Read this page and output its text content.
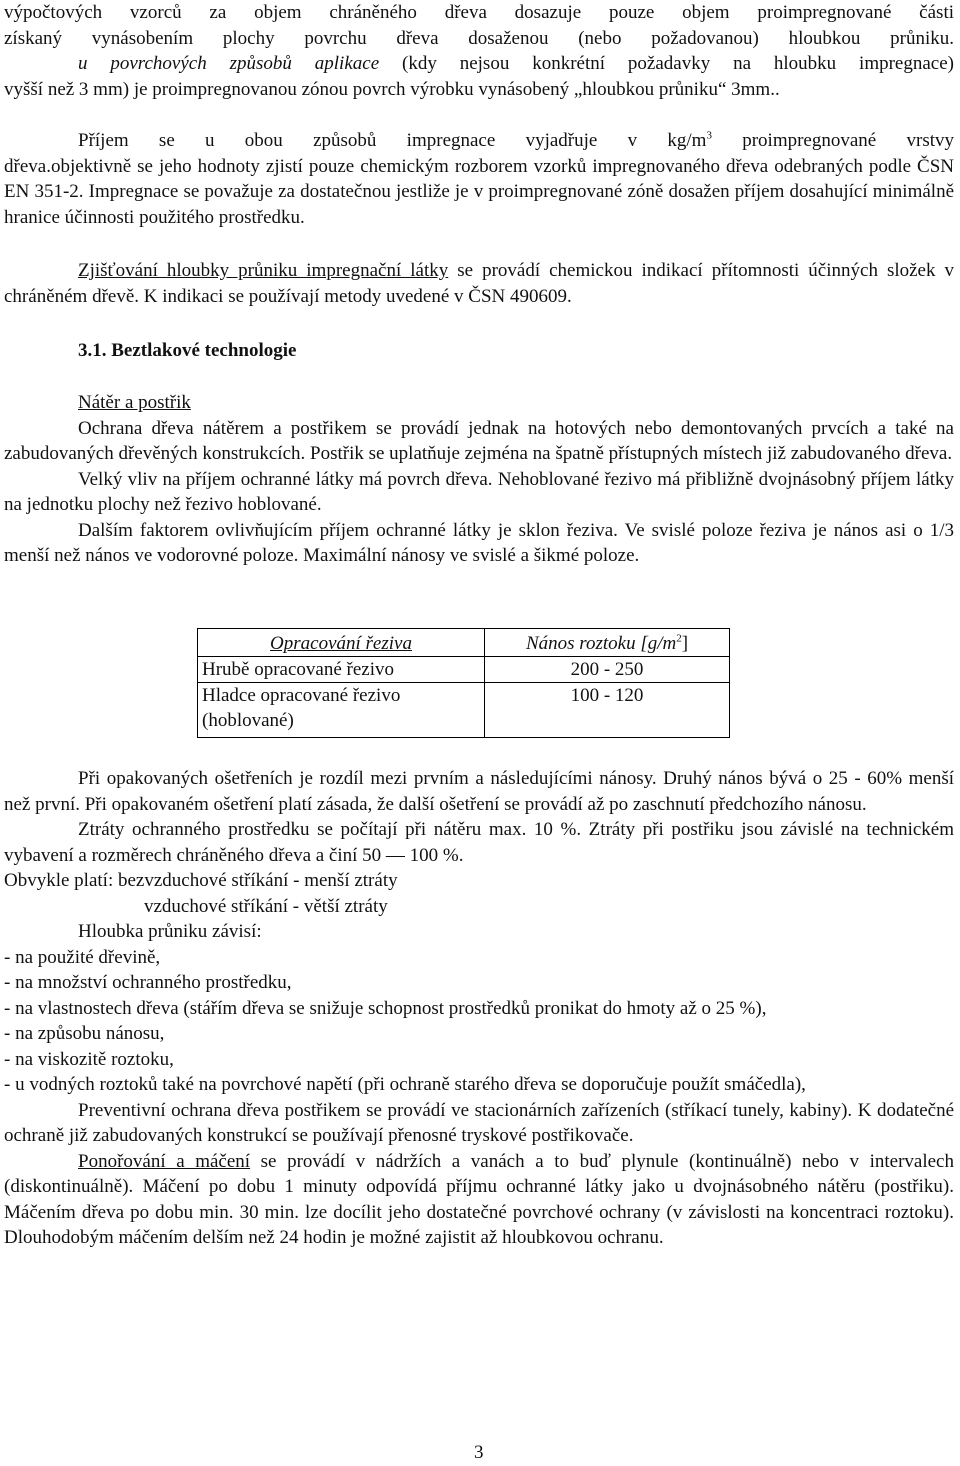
výpočtových vzorců za objem chráněného dřeva dosazuje pouze objem proimpregnované části

získaný vynásobením plochy povrchu dřeva dosaženou (nebo požadovanou) hloubkou průniku.

u povrchových způsobů aplikace (kdy nejsou konkrétní požadavky na hloubku impregnace)

vyšší než 3 mm) je proimpregnovanou zónou povrch výrobku vynásobený „hloubkou průniku“ 3mm..

Příjem se u obou způsobů impregnace vyjadřuje v $kg/m^3$ proimpregnované vrstvy

dřeva.objektivně se jeho hodnoty zjistí pouze chemickým rozborem vzorků impregnovaného dřeva odebraných podle ČSN EN 351-2. Impregnace se považuje za dostatečnou jestliže je v proimpregnované zóně dosažen příjem dosahující minimálně hranice účinnosti použitého prostředku.

Zjišťování hloubky průniku impregnační látky se provádí chemickou indikací přítomnosti účinných složek v chráněném dřevě. K indikaci se používají metody uvedené v ČSN 490609.

3.1. Beztlakové technologie

Nátěr a postřik

Ochrana dřeva nátěrem a postřikem se provádí jednak na hotových nebo demontovaných prvcích a také na zabudovaných dřevěných konstrukcích. Postřik se uplatňuje zejména na špatně přístupných místech již zabudovaného dřeva.

Velký vliv na příjem ochranné látky má povrch dřeva. Nehoblované řezivo má přibližně dvojnásobný příjem látky na jednotku plochy než řezivo hoblované.

Dalším faktorem ovlivňujícím příjem ochranné látky je sklon řeziva. Ve svislé poloze řeziva je nános asi o 1/3 menší než nános ve vodorovné poloze. Maximální nánosy ve svislé a šikmé poloze.

Opracování řeziva	Nános roztoku $[g/m^2]$
Hrubě opracované řezivo	200 - 250
Hladce opracované řezivo (hoblované)	100 - 120

Při opakovaných ošetřeních je rozdíl mezi prvním a následujícími nánosy. Druhý nános bývá o 25 - 60% menší než první. Při opakovaném ošetření platí zásada, že další ošetření se provádí až po zaschnutí předchozího nánosu.

Ztráty ochranného prostředku se počítají při nátěru max. 10 %. Ztráty při postřiku jsou závislé na technickém vybavení a rozměrech chráněného dřeva a činí 50 — 100 %.

Obvykle platí: bezvzduchové stříkání - menší ztráty

vzduchové stříkání - větší ztráty

Hloubka průniku závisí:

- na použité dřevině,

- na množství ochranného prostředku,

- na vlastnostech dřeva (stářím dřeva se snižuje schopnost prostředků pronikat do hmoty až o 25 %),

- na způsobu nánosu,

- na viskozitě roztoku,

- u vodných roztoků také na povrchové napětí (při ochraně starého dřeva se doporučuje použít smáčedla),

Preventivní ochrana dřeva postřikem se provádí ve stacionárních zařízeních (stříkací tunely, kabiny). K dodatečné ochraně již zabudovaných konstrukcí se používají přenosné tryskové postřikovače.

Ponořování a máčení se provádí v nádržích a vanách a to buď plynule (kontinuálně) nebo v intervalech (diskontinuálně). Máčení po dobu 1 minuty odpovídá příjmu ochranné látky jako u dvojnásobného nátěru (postřiku). Máčením dřeva po dobu min. 30 min. lze docílit jeho dostatečné povrchové ochrany (v závislosti na koncentraci roztoku). Dlouhodobým máčením delším než 24 hodin je možné zajistit až hloubkovou ochranu.

3
